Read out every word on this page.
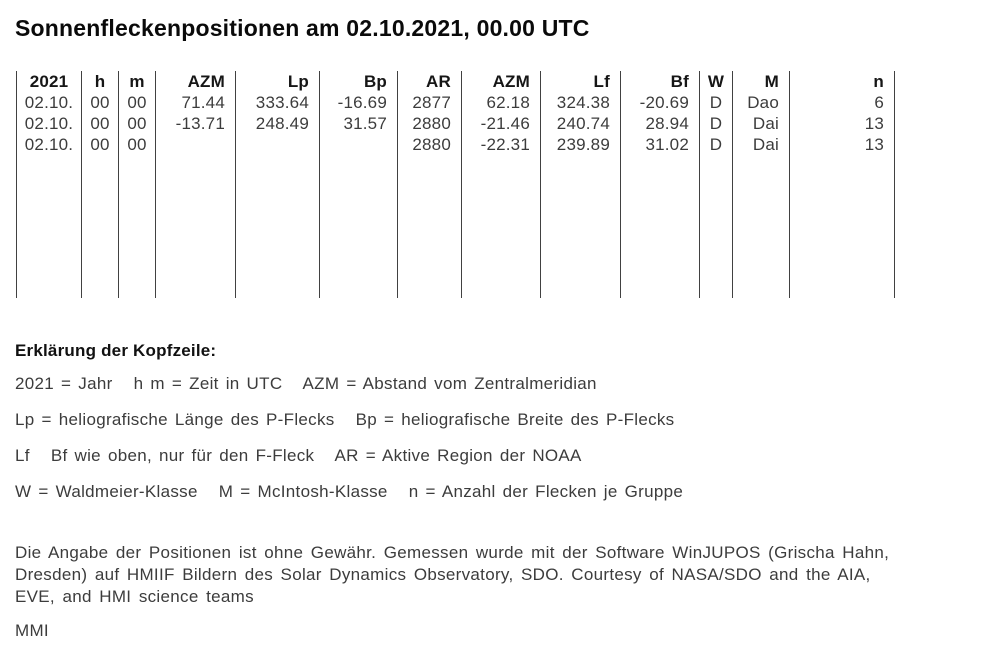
Sonnenfleckenpositionen am 02.10.2021, 00.00 UTC
2021	h	m	AZM	Lp	Bp	AR	AZM	Lf	Bf	W	M	n
02.10.	00	00	71.44	333.64	-16.69	2877	62.18	324.38	-20.69	D	Dao	6
02.10.	00	00	-13.71	248.49	31.57	2880	-21.46	240.74	28.94	D	Dai	13
02.10.	00	00				2880	-22.31	239.89	31.02	D	Dai	13

Erklärung der Kopfzeile:
2021 = Jahr   h m = Zeit in UTC   AZM = Abstand vom Zentralmeridian
Lp = heliografische Länge des P-Flecks   Bp = heliografische Breite des P-Flecks
Lf   Bf wie oben, nur für den F-Fleck   AR = Aktive Region der NOAA
W = Waldmeier-Klasse   M = McIntosh-Klasse   n = Anzahl der Flecken je Gruppe
Die Angabe der Positionen ist ohne Gewähr. Gemessen wurde mit der Software WinJUPOS (Grischa Hahn,
Dresden) auf HMIIF Bildern des Solar Dynamics Observatory, SDO. Courtesy of NASA/SDO and the AIA,
EVE, and HMI science teams
MMI
